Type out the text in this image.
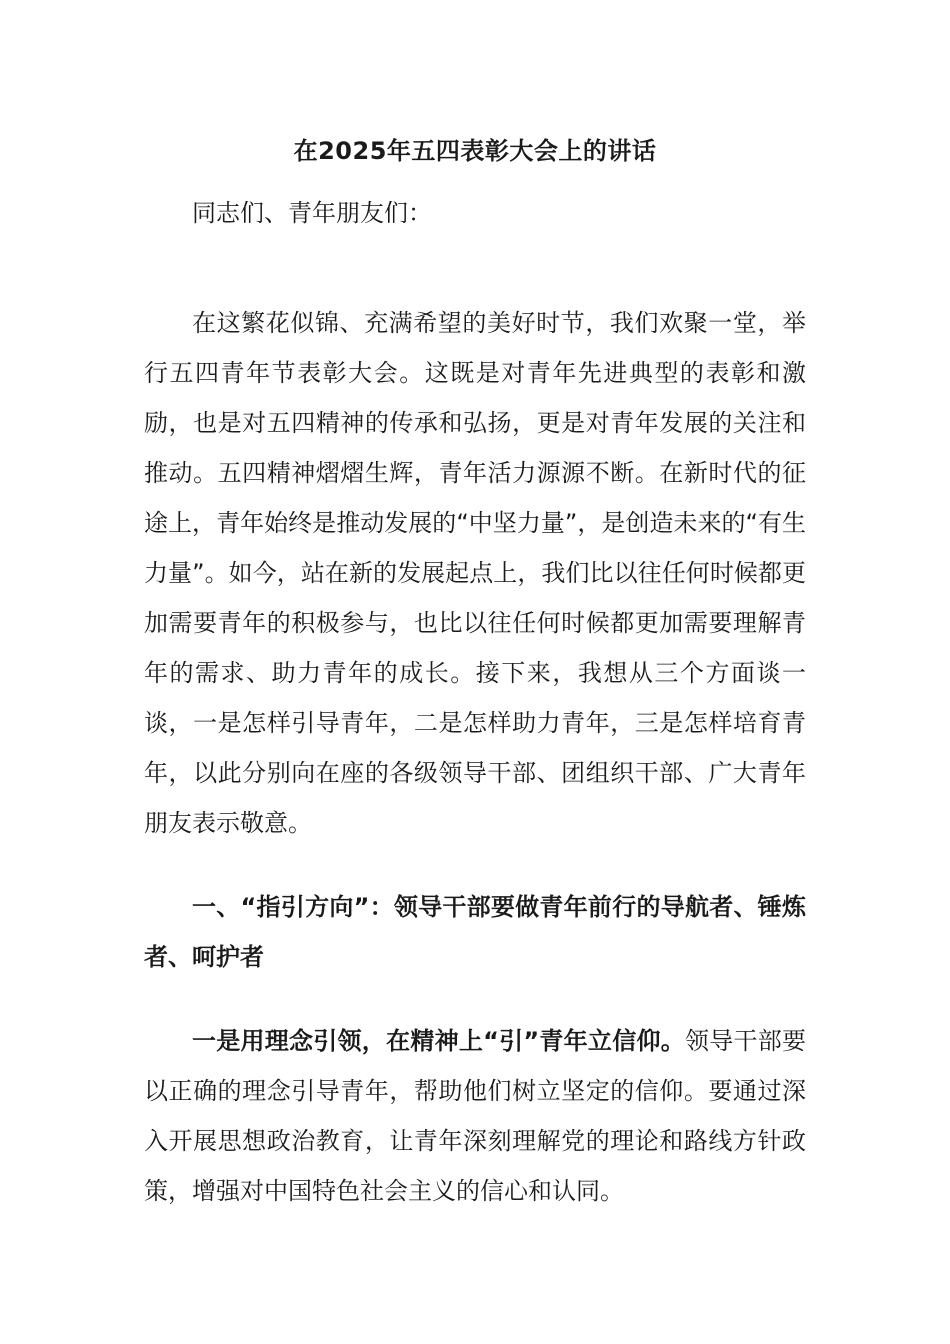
在2025年五四表彰大会上的讲话

同志们、青年朋友们：

在这繁花似锦、充满希望的美好时节，我们欢聚一堂，举行五四青年节表彰大会。这既是对青年先进典型的表彰和激励，也是对五四精神的传承和弘扬，更是对青年发展的关注和推动。五四精神熠熠生辉，青年活力源源不断。在新时代的征途上，青年始终是推动发展的“中坚力量”，是创造未来的“有生力量”。如今，站在新的发展起点上，我们比以往任何时候都更加需要青年的积极参与，也比以往任何时候都更加需要理解青年的需求、助力青年的成长。接下来，我想从三个方面谈一谈，一是怎样引导青年，二是怎样助力青年，三是怎样培育青年，以此分别向在座的各级领导干部、团组织干部、广大青年朋友表示敬意。

一、“指引方向”：领导干部要做青年前行的导航者、锤炼者、呵护者

一是用理念引领，在精神上“引”青年立信仰。领导干部要以正确的理念引导青年，帮助他们树立坚定的信仰。要通过深入开展思想政治教育，让青年深刻理解党的理论和路线方针政策，增强对中国特色社会主义的信心和认同。
